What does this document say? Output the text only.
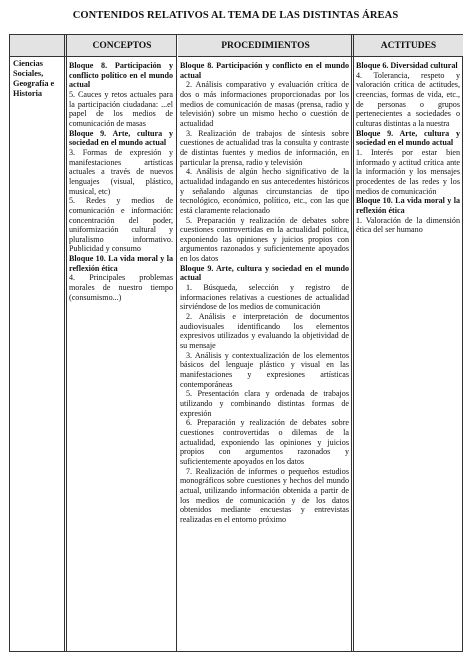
CONTENIDOS RELATIVOS AL TEMA DE LAS DISTINTAS ÁREAS
CONCEPTOS	PROCEDIMIENTOS	ACTITUDES
Ciencias Sociales, Geografía e Historia

Bloque 8. Participación y conflicto político en el mundo actual

5. Cauces y retos actuales para la participación ciudadana: ...el papel de los medios de comunicación de masas

Bloque 9. Arte, cultura y sociedad en el mundo actual

3. Formas de expresión y manifestaciones artísticas actuales a través de nuevos lenguajes (visual, plástico, musical, etc)

5. Redes y medios de comunicación e información: concentración del poder, uniformización cultural y pluralismo informativo. Publicidad y consumo

Bloque 10. La vida moral y la reflexión ética

4. Principales problemas morales de nuestro tiempo (consumismo...)

Bloque 8. Participación y conflicto en el mundo actual

2. Análisis comparativo y evaluación crítica de dos o más informaciones proporcionadas por los medios de comunicación de masas (prensa, radio y televisión) sobre un mismo hecho o cuestión de actualidad

3. Realización de trabajos de síntesis sobre cuestiones de actualidad tras la consulta y contraste de distintas fuentes y medios de información, en particular la prensa, radio y televisión

4. Análisis de algún hecho significativo de la actualidad indagando en sus antecedentes históricos y señalando algunas circunstancias de tipo tecnológico, económico, político, etc., con las que está claramente relacionado

5. Preparación y realización de debates sobre cuestiones controvertidas en la actualidad política, exponiendo las opiniones y juicios propios con argumentos razonados y suficientemente apoyados en los datos

Bloque 9. Arte, cultura y sociedad en el mundo actual

1. Búsqueda, selección y registro de informaciones relativas a cuestiones de actualidad sirviéndose de los medios de comunicación

2. Análisis e interpretación de documentos audiovisuales identificando los elementos expresivos utilizados y evaluando la objetividad de su mensaje

3. Análisis y contextualización de los elementos básicos del lenguaje plástico y visual en las manifestaciones y expresiones artísticas contemporáneas

5. Presentación clara y ordenada de trabajos utilizando y combinando distintas formas de expresión

6. Preparación y realización de debates sobre cuestiones controvertidas o dilemas de la actualidad, exponiendo las opiniones y juicios propios con argumentos razonados y suficientemente apoyados en los datos

7. Realización de informes o pequeños estudios monográficos sobre cuestiones y hechos del mundo actual, utilizando información obtenida a partir de los medios de comunicación y de los datos obtenidos mediante encuestas y entrevistas realizadas en el entorno próximo

Bloque 6. Diversidad cultural

4. Tolerancia, respeto y valoración crítica de actitudes, creencias, formas de vida, etc., de personas o grupos pertenecientes a sociedades o culturas distintas a la nuestra

Bloque 9. Arte, cultura y sociedad en el mundo actual

1. Interés por estar bien informado y actitud crítica ante la información y los mensajes procedentes de las redes y los medios de comunicación

Bloque 10. La vida moral y la reflexión ética

1. Valoración de la dimensión ética del ser humano
